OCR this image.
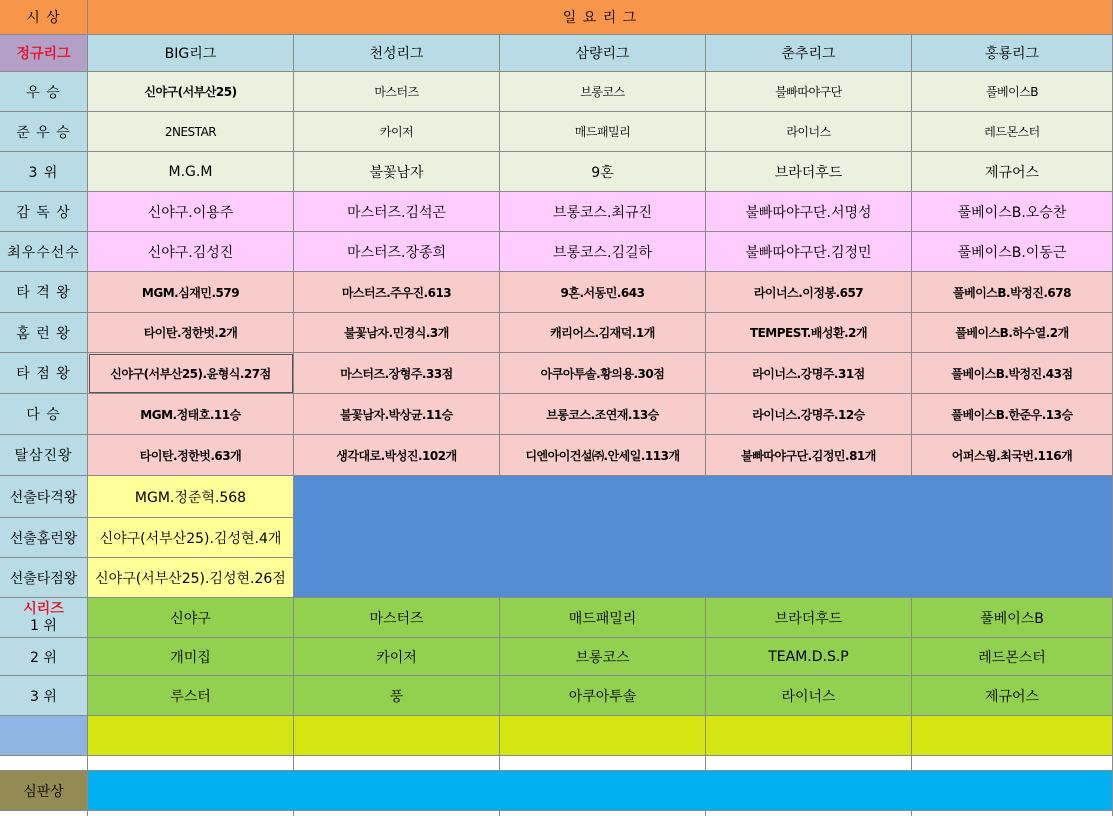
시 상	일 요 리 그
정규리그	BIG리그	천성리그	삼량리그	춘추리그	홍룡리그
우 승	신야구(서부산25)	마스터즈	브롱코스	불빠따야구단	풀베이스B
준 우 승	2NESTAR	카이저	매드패밀리	라이너스	레드몬스터
3 위	M.G.M	불꽃남자	9혼	브라더후드	제규어스
감 독 상	신야구.이용주	마스터즈.김석곤	브롱코스.최규진	불빠따야구단.서명성	풀베이스B.오승찬
최우수선수	신야구.김성진	마스터즈.장종희	브롱코스.김길하	불빠따야구단.김정민	풀베이스B.이동근
타 격 왕	MGM.심재민.579	마스터즈.주우진.613	9혼.서동민.643	라이너스.이정봉.657	풀베이스B.박정진.678
홈 런 왕	타이탄.정한벗.2개	불꽃남자.민경식.3개	캐리어스.김재덕.1개	TEMPEST.배성환.2개	풀베이스B.하수열.2개
타 점 왕	신야구(서부산25).윤형식.27점	마스터즈.장형주.33점	아쿠아투솔.황의용.30점	라이너스.강명주.31점	풀베이스B.박정진.43점
다 승	MGM.정태호.11승	불꽃남자.박상균.11승	브롱코스.조연재.13승	라이너스.강명주.12승	풀베이스B.한준우.13승
탈삼진왕	타이탄.정한벗.63개	생각대로.박성진.102개	디엔아이건설㈜.안세일.113개	불빠따야구단.김정민.81개	어퍼스윙.최국번.116개
선출타격왕	MGM.정준혁.568
선출홈런왕	신야구(서부산25).김성현.4개
선출타점왕	신야구(서부산25).김성현.26점
시리즈
1 위	신야구	마스터즈	매드패밀리	브라더후드	풀베이스B
2 위	개미집	카이저	브롱코스	TEAM.D.S.P	레드몬스터
3 위	루스터	풍	아쿠아투솔	라이너스	제규어스
심판상
